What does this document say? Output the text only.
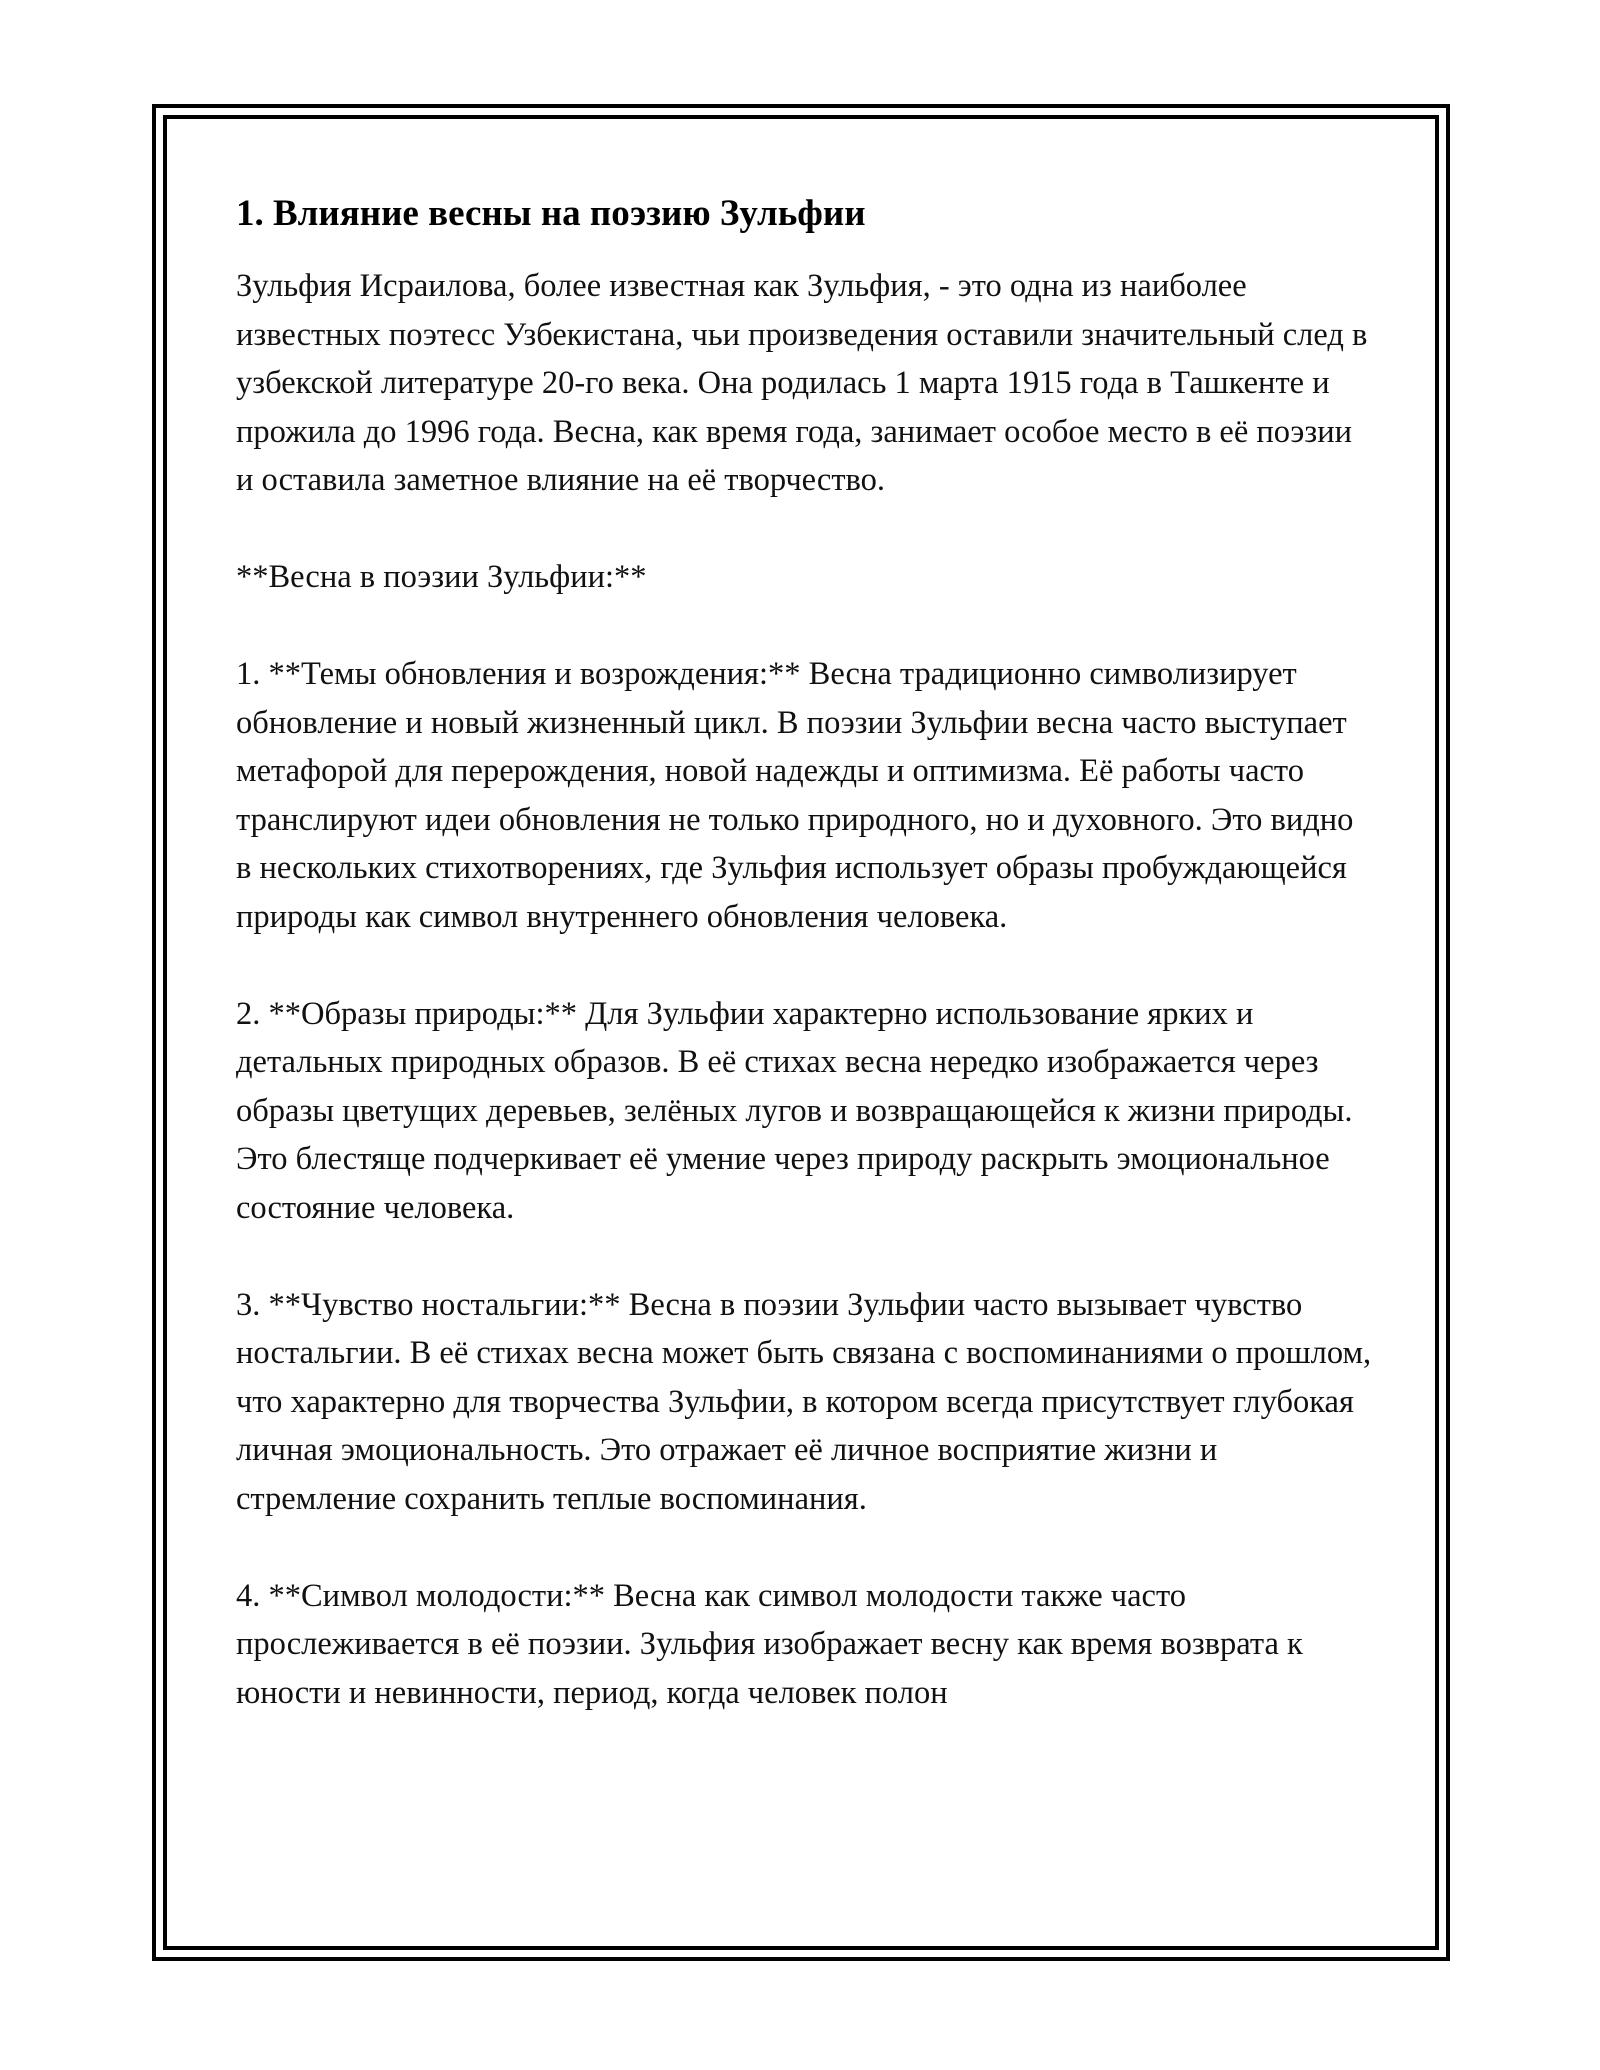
1. Влияние весны на поэзию Зульфии

Зульфия Исраилова, более известная как Зульфия, - это одна из наиболее известных поэтесс Узбекистана, чьи произведения оставили значительный след в узбекской литературе 20-го века. Она родилась 1 марта 1915 года в Ташкенте и прожила до 1996 года. Весна, как время года, занимает особое место в её поэзии и оставила заметное влияние на её творчество.

**Весна в поэзии Зульфии:**

1. **Темы обновления и возрождения:** Весна традиционно символизирует обновление и новый жизненный цикл. В поэзии Зульфии весна часто выступает метафорой для перерождения, новой надежды и оптимизма. Её работы часто транслируют идеи обновления не только природного, но и духовного. Это видно в нескольких стихотворениях, где Зульфия использует образы пробуждающейся природы как символ внутреннего обновления человека.

2. **Образы природы:** Для Зульфии характерно использование ярких и детальных природных образов. В её стихах весна нередко изображается через образы цветущих деревьев, зелёных лугов и возвращающейся к жизни природы. Это блестяще подчеркивает её умение через природу раскрыть эмоциональное состояние человека.

3. **Чувство ностальгии:** Весна в поэзии Зульфии часто вызывает чувство ностальгии. В её стихах весна может быть связана с воспоминаниями о прошлом, что характерно для творчества Зульфии, в котором всегда присутствует глубокая личная эмоциональность. Это отражает её личное восприятие жизни и стремление сохранить теплые воспоминания.

4. **Символ молодости:** Весна как символ молодости также часто прослеживается в её поэзии. Зульфия изображает весну как время возврата к юности и невинности, период, когда человек полон
